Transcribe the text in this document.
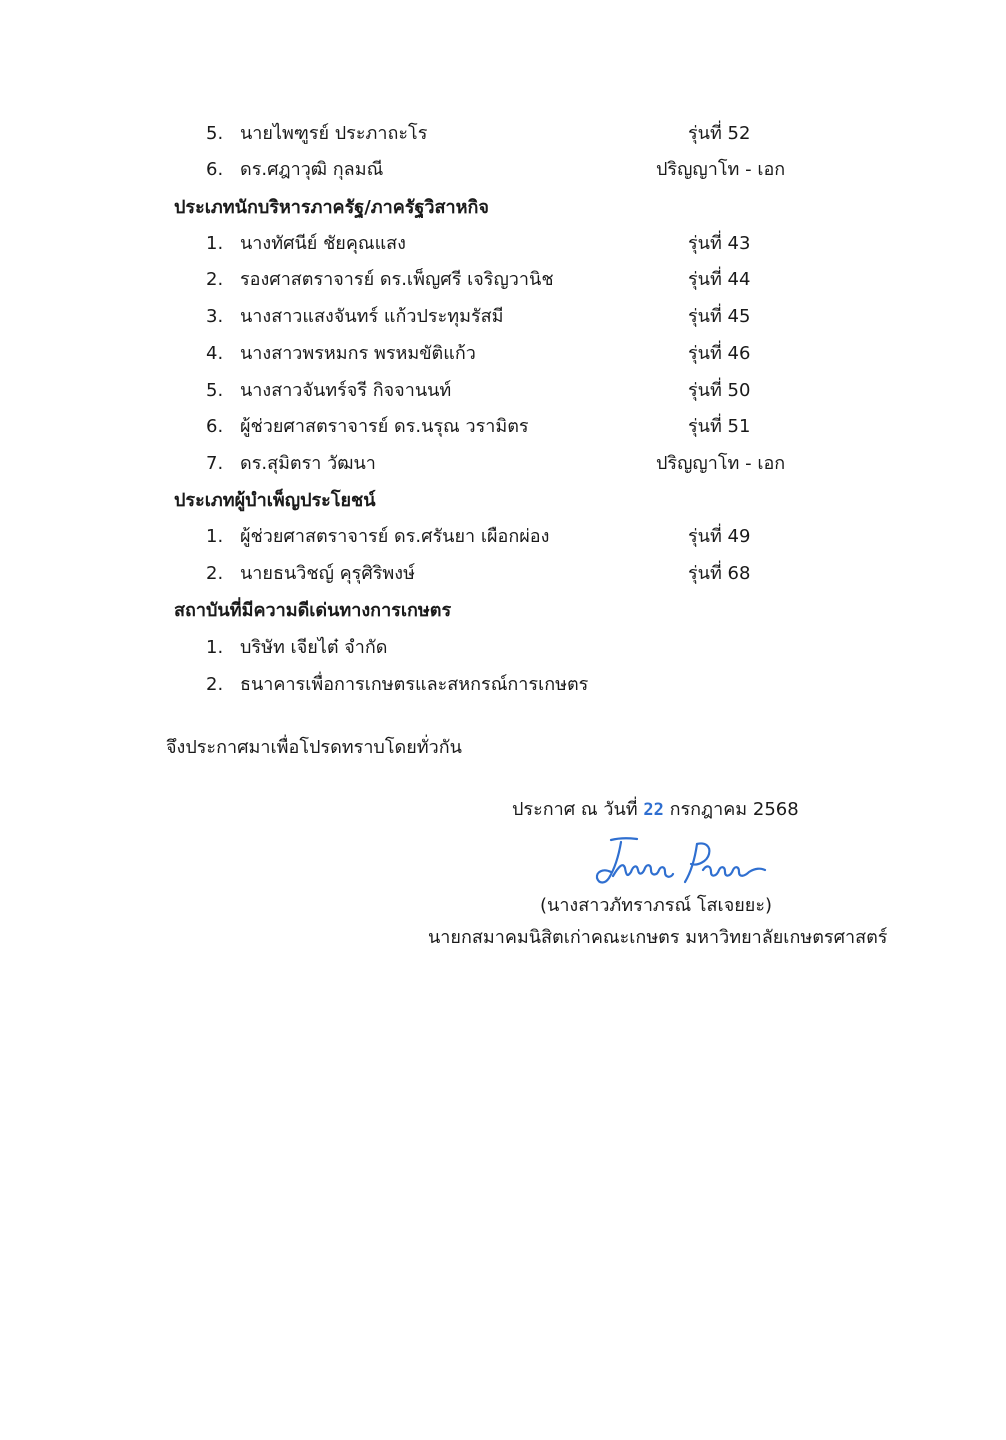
5. นายไพฑูรย์ ประภาถะโร	รุ่นที่ 52
6. ดร.ศฎาวุฒิ กุลมณี	ปริญญาโท - เอก
ประเภทนักบริหารภาครัฐ/ภาครัฐวิสาหกิจ
1. นางทัศนีย์ ชัยคุณแสง	รุ่นที่ 43
2. รองศาสตราจารย์ ดร.เพ็ญศรี เจริญวานิช	รุ่นที่ 44
3. นางสาวแสงจันทร์ แก้วประทุมรัสมี	รุ่นที่ 45
4. นางสาวพรหมกร พรหมขัติแก้ว	รุ่นที่ 46
5. นางสาวจันทร์จรี กิจจานนท์	รุ่นที่ 50
6. ผู้ช่วยศาสตราจารย์ ดร.นรุณ วรามิตร	รุ่นที่ 51
7. ดร.สุมิตรา วัฒนา	ปริญญาโท - เอก
ประเภทผู้บำเพ็ญประโยชน์
1. ผู้ช่วยศาสตราจารย์ ดร.ศรันยา เผือกผ่อง	รุ่นที่ 49
2. นายธนวิชญ์ คุรุศิริพงษ์	รุ่นที่ 68
สถาบันที่มีความดีเด่นทางการเกษตร
1. บริษัท เจียไต๋ จำกัด
2. ธนาคารเพื่อการเกษตรและสหกรณ์การเกษตร
จึงประกาศมาเพื่อโปรดทราบโดยทั่วกัน
ประกาศ ณ วันที่ 22 กรกฎาคม 2568
(นางสาวภัทราภรณ์ โสเจยยะ)
นายกสมาคมนิสิตเก่าคณะเกษตร มหาวิทยาลัยเกษตรศาสตร์
